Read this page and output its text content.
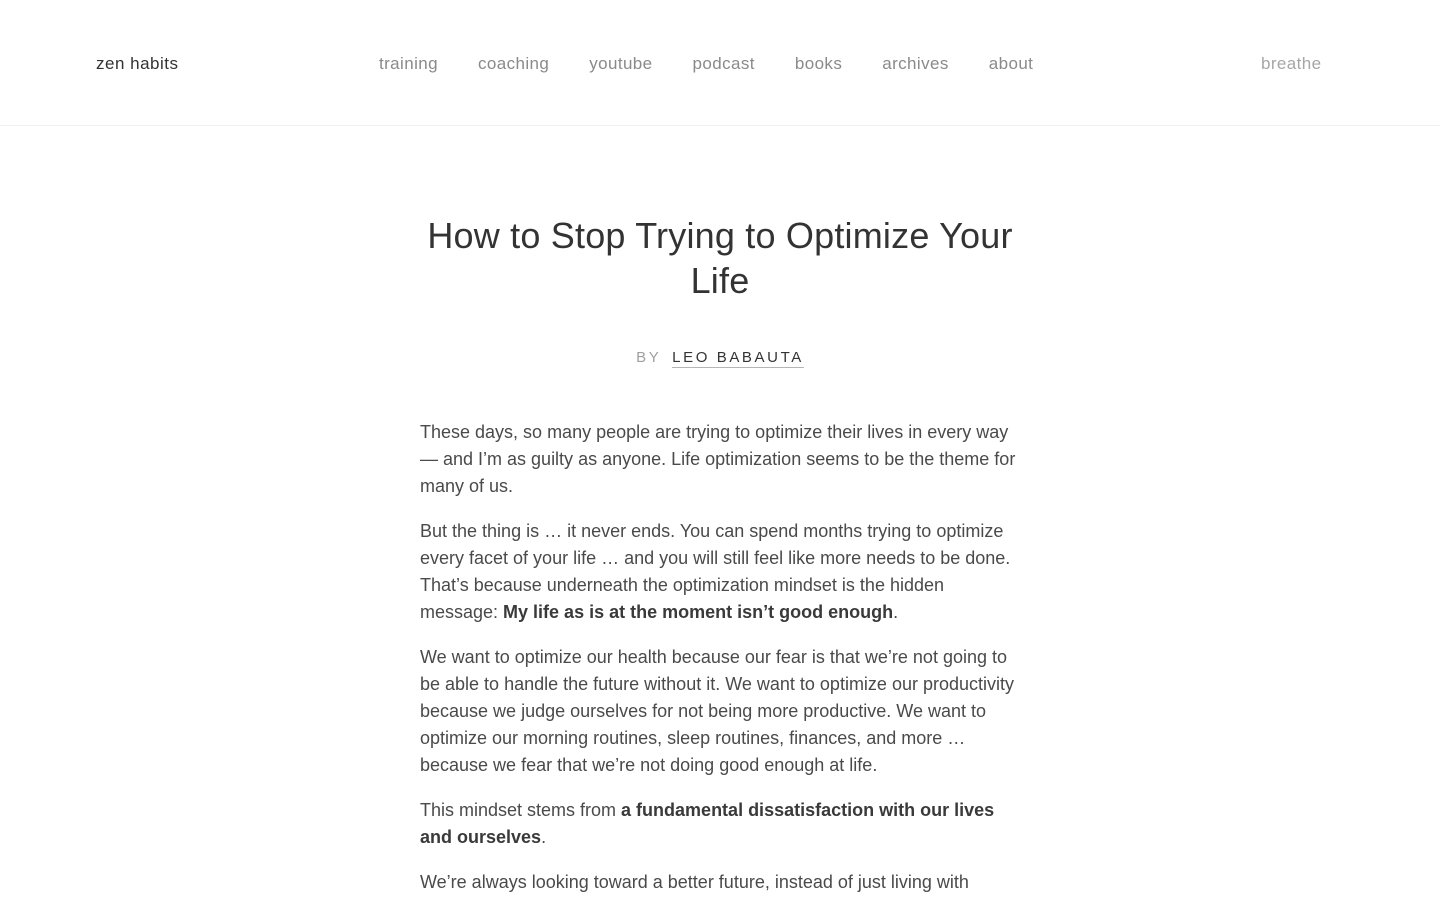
zen habits	training coaching youtube podcast books archives about	breathe
How to Stop Trying to Optimize Your Life
BY LEO BABAUTA

These days, so many people are trying to optimize their lives in every way — and I’m as guilty as anyone. Life optimization seems to be the theme for many of us.

But the thing is … it never ends. You can spend months trying to optimize every facet of your life … and you will still feel like more needs to be done. That’s because underneath the optimization mindset is the hidden message: My life as is at the moment isn’t good enough.

We want to optimize our health because our fear is that we’re not going to be able to handle the future without it. We want to optimize our productivity because we judge ourselves for not being more productive. We want to optimize our morning routines, sleep routines, finances, and more … because we fear that we’re not doing good enough at life.

This mindset stems from a fundamental dissatisfaction with our lives and ourselves.

We’re always looking toward a better future, instead of just living with
